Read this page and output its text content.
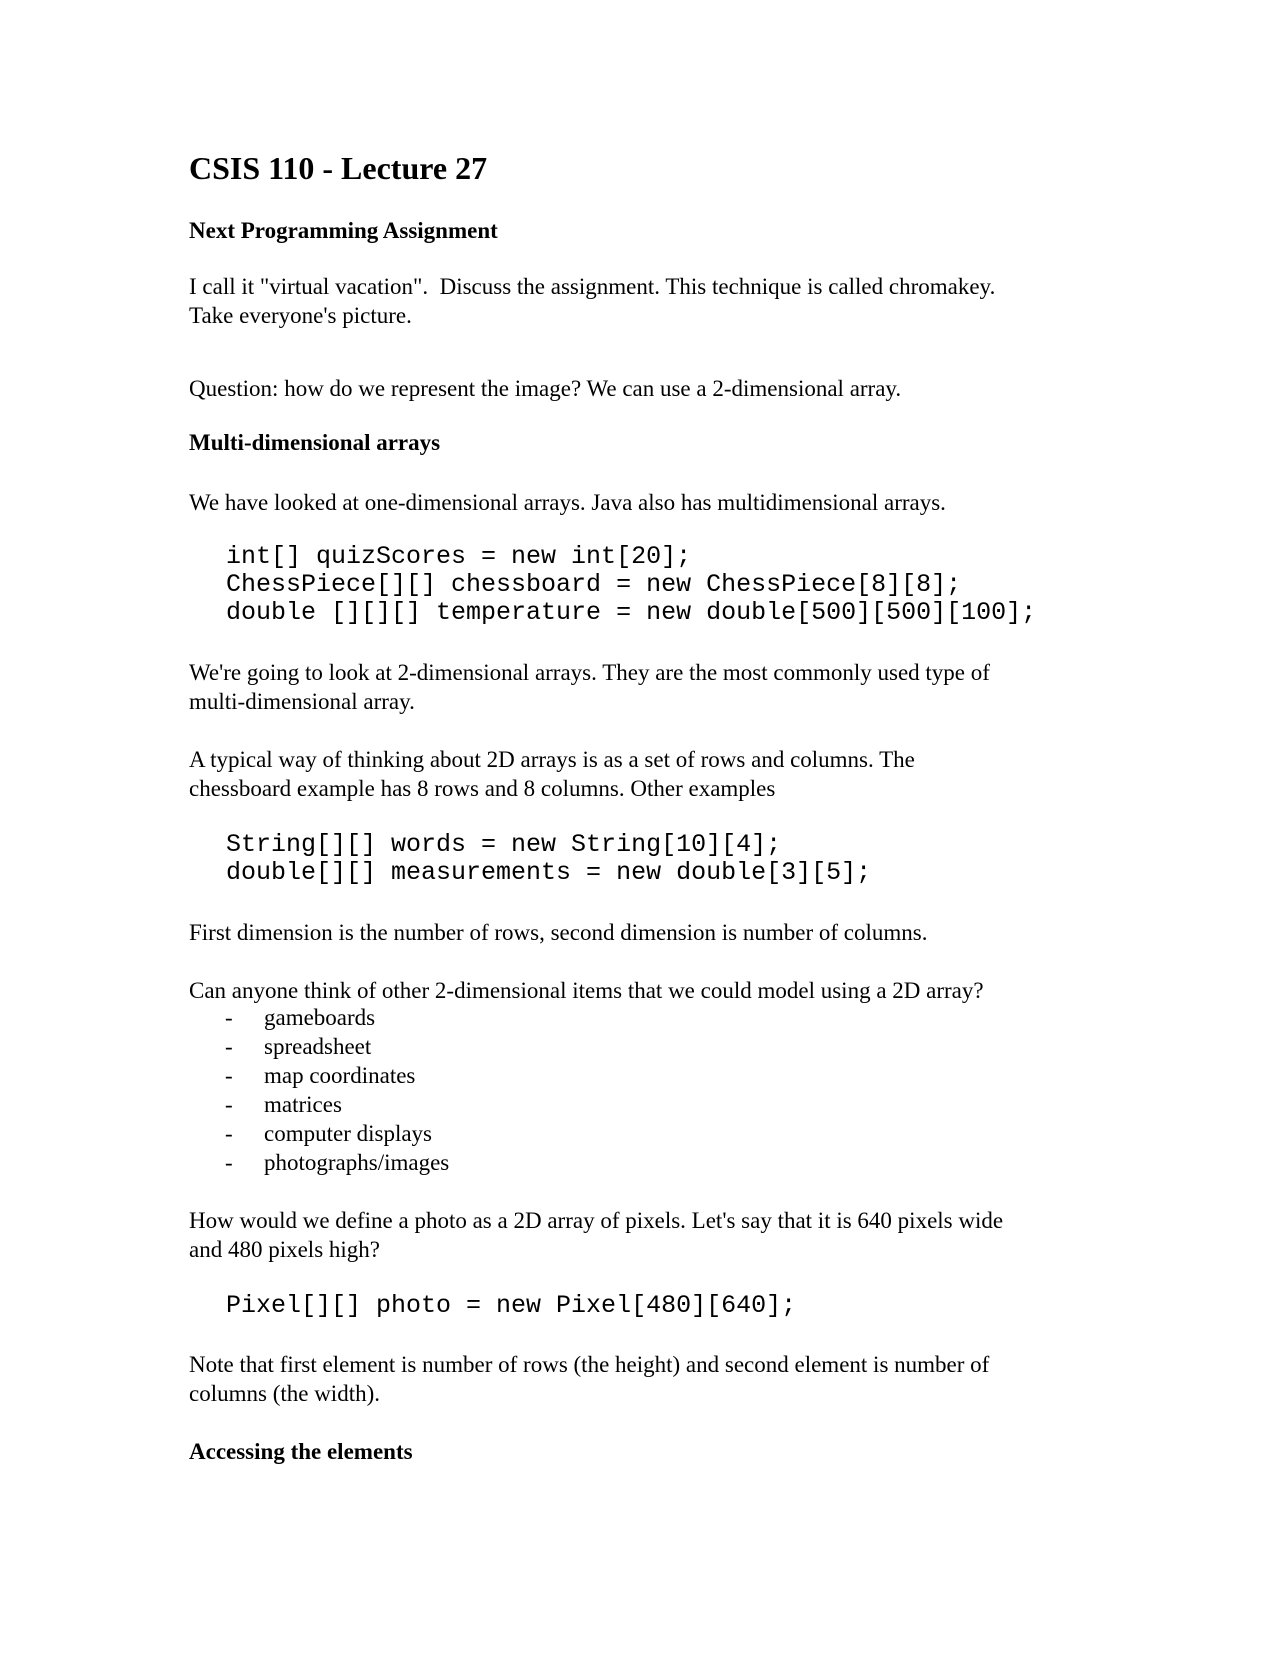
CSIS 110 - Lecture 27
Next Programming Assignment

I call it "virtual vacation".  Discuss the assignment. This technique is called chromakey.
Take everyone's picture.

Question: how do we represent the image? We can use a 2-dimensional array.

Multi-dimensional arrays

We have looked at one-dimensional arrays. Java also has multidimensional arrays.

int[] quizScores = new int[20];
ChessPiece[][] chessboard = new ChessPiece[8][8];
double [][][] temperature = new double[500][500][100];

We're going to look at 2-dimensional arrays. They are the most commonly used type of
multi-dimensional array.

A typical way of thinking about 2D arrays is as a set of rows and columns. The
chessboard example has 8 rows and 8 columns. Other examples

String[][] words = new String[10][4];
double[][] measurements = new double[3][5];

First dimension is the number of rows, second dimension is number of columns.

Can anyone think of other 2-dimensional items that we could model using a 2D array?

- gameboards
- spreadsheet
- map coordinates
- matrices
- computer displays
- photographs/images

How would we define a photo as a 2D array of pixels. Let's say that it is 640 pixels wide
and 480 pixels high?

Pixel[][] photo = new Pixel[480][640];

Note that first element is number of rows (the height) and second element is number of
columns (the width).

Accessing the elements
